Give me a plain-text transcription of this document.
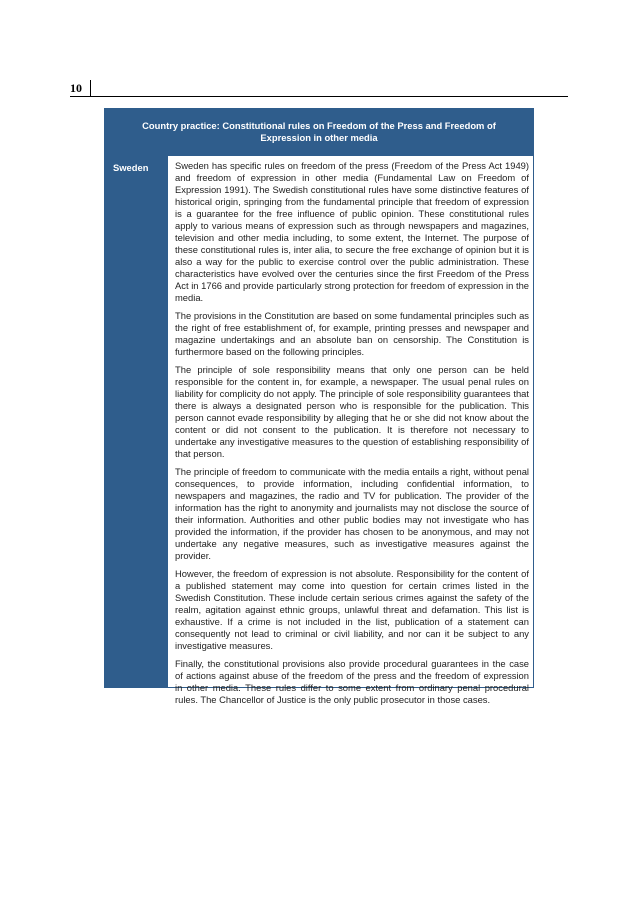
10
Country practice: Constitutional rules on Freedom of the Press and Freedom of Expression in other media
Sweden	Sweden has specific rules on freedom of the press (Freedom of the Press Act 1949) and freedom of expression in other media (Fundamental Law on Freedom of Expression 1991). The Swedish constitutional rules have some distinctive features of historical origin, springing from the fundamental principle that freedom of expression is a guarantee for the free influence of public opinion. These constitutional rules apply to various means of expression such as through newspapers and magazines, television and other media including, to some extent, the Internet. The purpose of these constitutional rules is, inter alia, to secure the free exchange of opinion but it is also a way for the public to exercise control over the public administration. These characteristics have evolved over the centuries since the first Freedom of the Press Act in 1766 and provide particularly strong protection for freedom of expression in the media.

The provisions in the Constitution are based on some fundamental principles such as the right of free establishment of, for example, printing presses and newspaper and magazine undertakings and an absolute ban on censorship. The Constitution is furthermore based on the following principles.

The principle of sole responsibility means that only one person can be held responsible for the content in, for example, a newspaper. The usual penal rules on liability for complicity do not apply. The principle of sole responsibility guarantees that there is always a designated person who is responsible for the publication. This person cannot evade responsibility by alleging that he or she did not know about the content or did not consent to the publication. It is therefore not necessary to undertake any investigative measures to the question of establishing responsibility of that person.

The principle of freedom to communicate with the media entails a right, without penal consequences, to provide information, including confidential information, to newspapers and magazines, the radio and TV for publication. The provider of the information has the right to anonymity and journalists may not disclose the source of their information. Authorities and other public bodies may not investigate who has provided the information, if the provider has chosen to be anonymous, and may not undertake any negative measures, such as investigative measures against the provider.

However, the freedom of expression is not absolute. Responsibility for the content of a published statement may come into question for certain crimes listed in the Swedish Constitution. These include certain serious crimes against the safety of the realm, agitation against ethnic groups, unlawful threat and defamation. This list is exhaustive. If a crime is not included in the list, publication of a statement can consequently not lead to criminal or civil liability, and nor can it be subject to any investigative measures.

Finally, the constitutional provisions also provide procedural guarantees in the case of actions against abuse of the freedom of the press and the freedom of expression in other media. These rules differ to some extent from ordinary penal procedural rules. The Chancellor of Justice is the only public prosecutor in those cases.
